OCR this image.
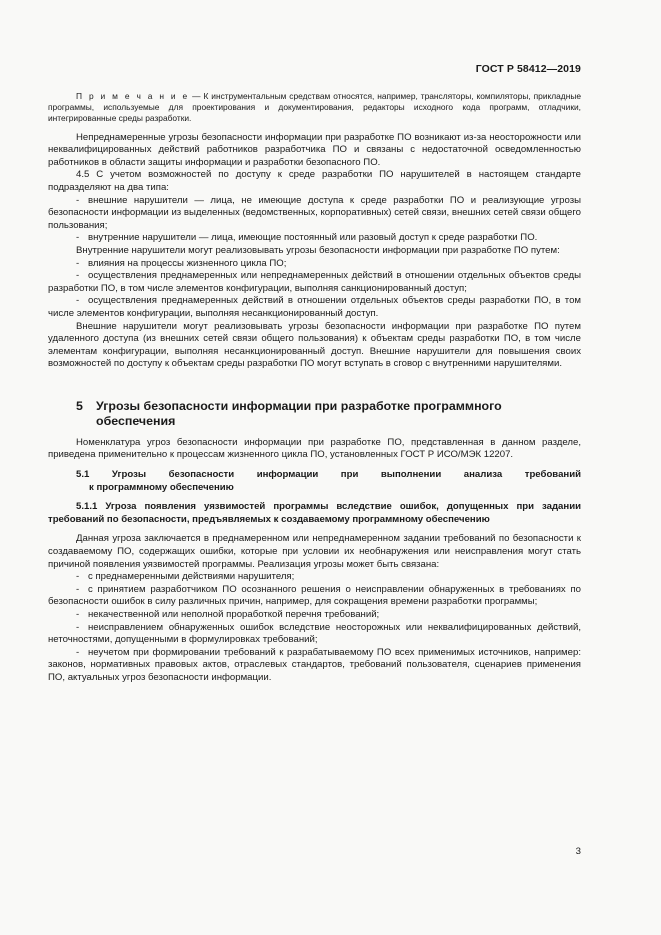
ГОСТ Р 58412—2019

П р и м е ч а н и е — К инструментальным средствам относятся, например, трансляторы, компиляторы, прикладные программы, используемые для проектирования и документирования, редакторы исходного кода программ, отладчики, интегрированные среды разработки.

Непреднамеренные угрозы безопасности информации при разработке ПО возникают из-за неосторожности или неквалифицированных действий работников разработчика ПО и связаны с недостаточной осведомленностью работников в области защиты информации и разработки безопасного ПО.

4.5 С учетом возможностей по доступу к среде разработки ПО нарушителей в настоящем стандарте подразделяют на два типа:

- внешние нарушители — лица, не имеющие доступа к среде разработки ПО и реализующие угрозы безопасности информации из выделенных (ведомственных, корпоративных) сетей связи, внешних сетей связи общего пользования;

- внутренние нарушители — лица, имеющие постоянный или разовый доступ к среде разработки ПО.

Внутренние нарушители могут реализовывать угрозы безопасности информации при разработке ПО путем:

- влияния на процессы жизненного цикла ПО;

- осуществления преднамеренных или непреднамеренных действий в отношении отдельных объектов среды разработки ПО, в том числе элементов конфигурации, выполняя санкционированный доступ;

- осуществления преднамеренных действий в отношении отдельных объектов среды разработки ПО, в том числе элементов конфигурации, выполняя несанкционированный доступ.

Внешние нарушители могут реализовывать угрозы безопасности информации при разработке ПО путем удаленного доступа (из внешних сетей связи общего пользования) к объектам среды разработки ПО, в том числе элементам конфигурации, выполняя несанкционированный доступ. Внешние нарушители для повышения своих возможностей по доступу к объектам среды разработки ПО могут вступать в сговор с внутренними нарушителями.

5	Угрозы безопасности информации при разработке программного обеспечения

Номенклатура угроз безопасности информации при разработке ПО, представленная в данном разделе, приведена применительно к процессам жизненного цикла ПО, установленных ГОСТ Р ИСО/МЭК 12207.

5.1 Угрозы безопасности информации при выполнении анализа требований

к программному обеспечению

5.1.1 Угроза появления уязвимостей программы вследствие ошибок, допущенных при задании требований по безопасности, предъявляемых к создаваемому программному обеспечению

Данная угроза заключается в преднамеренном или непреднамеренном задании требований по безопасности к создаваемому ПО, содержащих ошибки, которые при условии их необнаружения или неисправления могут стать причиной появления уязвимостей программы. Реализация угрозы может быть связана:

- с преднамеренными действиями нарушителя;

- с принятием разработчиком ПО осознанного решения о неисправлении обнаруженных в требованиях по безопасности ошибок в силу различных причин, например, для сокращения времени разработки программы;

- некачественной или неполной проработкой перечня требований;

- неисправлением обнаруженных ошибок вследствие неосторожных или неквалифицированных действий, неточностями, допущенными в формулировках требований;

- неучетом при формировании требований к разрабатываемому ПО всех применимых источников, например: законов, нормативных правовых актов, отраслевых стандартов, требований пользователя, сценариев применения ПО, актуальных угроз безопасности информации.

3
